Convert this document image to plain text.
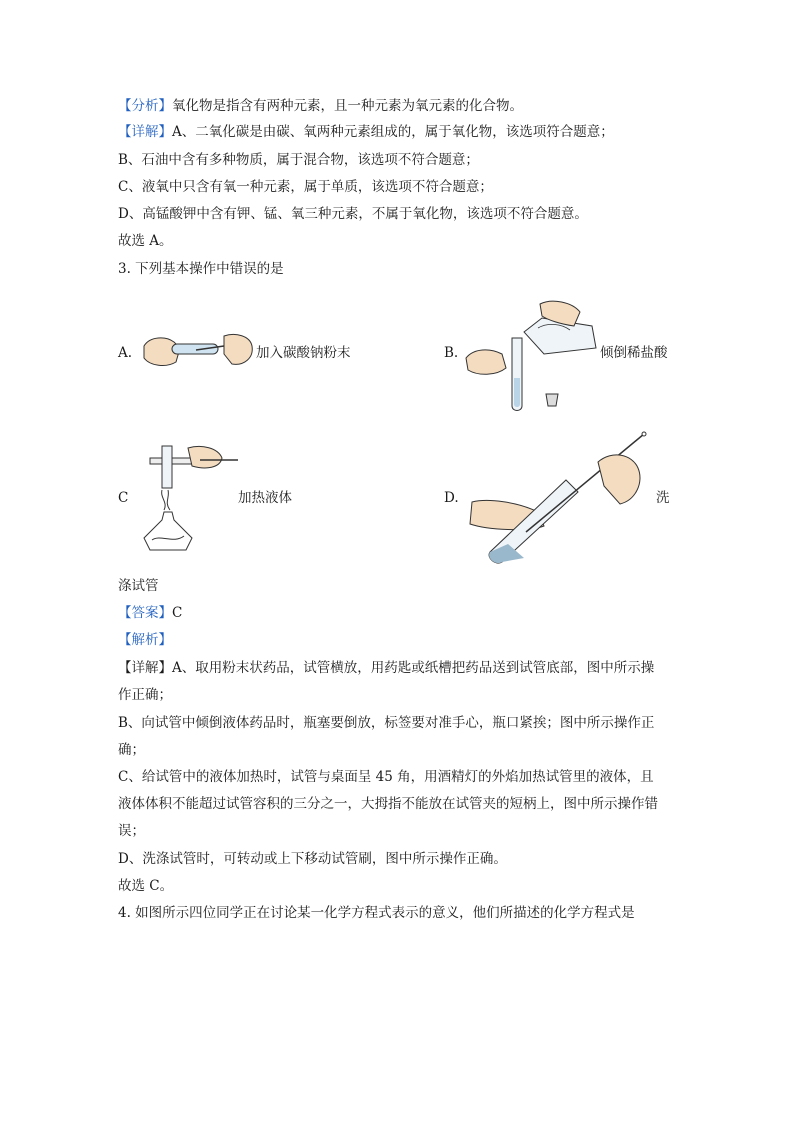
【分析】氧化物是指含有两种元素，且一种元素为氧元素的化合物。
【详解】A、二氧化碳是由碳、氧两种元素组成的，属于氧化物，该选项符合题意；
B、石油中含有多种物质，属于混合物，该选项不符合题意；
C、液氧中只含有氧一种元素，属于单质，该选项不符合题意；
D、高锰酸钾中含有钾、锰、氧三种元素，不属于氧化物，该选项不符合题意。
故选 A。
3. 下列基本操作中错误的是
A.	加入碳酸钠粉末	B.	倾倒稀盐酸
C	加热液体	D.	洗
涤试管
【答案】C
【解析】
【详解】A、取用粉末状药品，试管横放，用药匙或纸槽把药品送到试管底部，图中所示操
作正确；
B、向试管中倾倒液体药品时，瓶塞要倒放，标签要对准手心，瓶口紧挨；图中所示操作正
确；
C、给试管中的液体加热时，试管与桌面呈 45 角，用酒精灯的外焰加热试管里的液体，且
液体体积不能超过试管容积的三分之一，大拇指不能放在试管夹的短柄上，图中所示操作错
误；
D、洗涤试管时，可转动或上下移动试管刷，图中所示操作正确。
故选 C。
4. 如图所示四位同学正在讨论某一化学方程式表示的意义，他们所描述的化学方程式是
